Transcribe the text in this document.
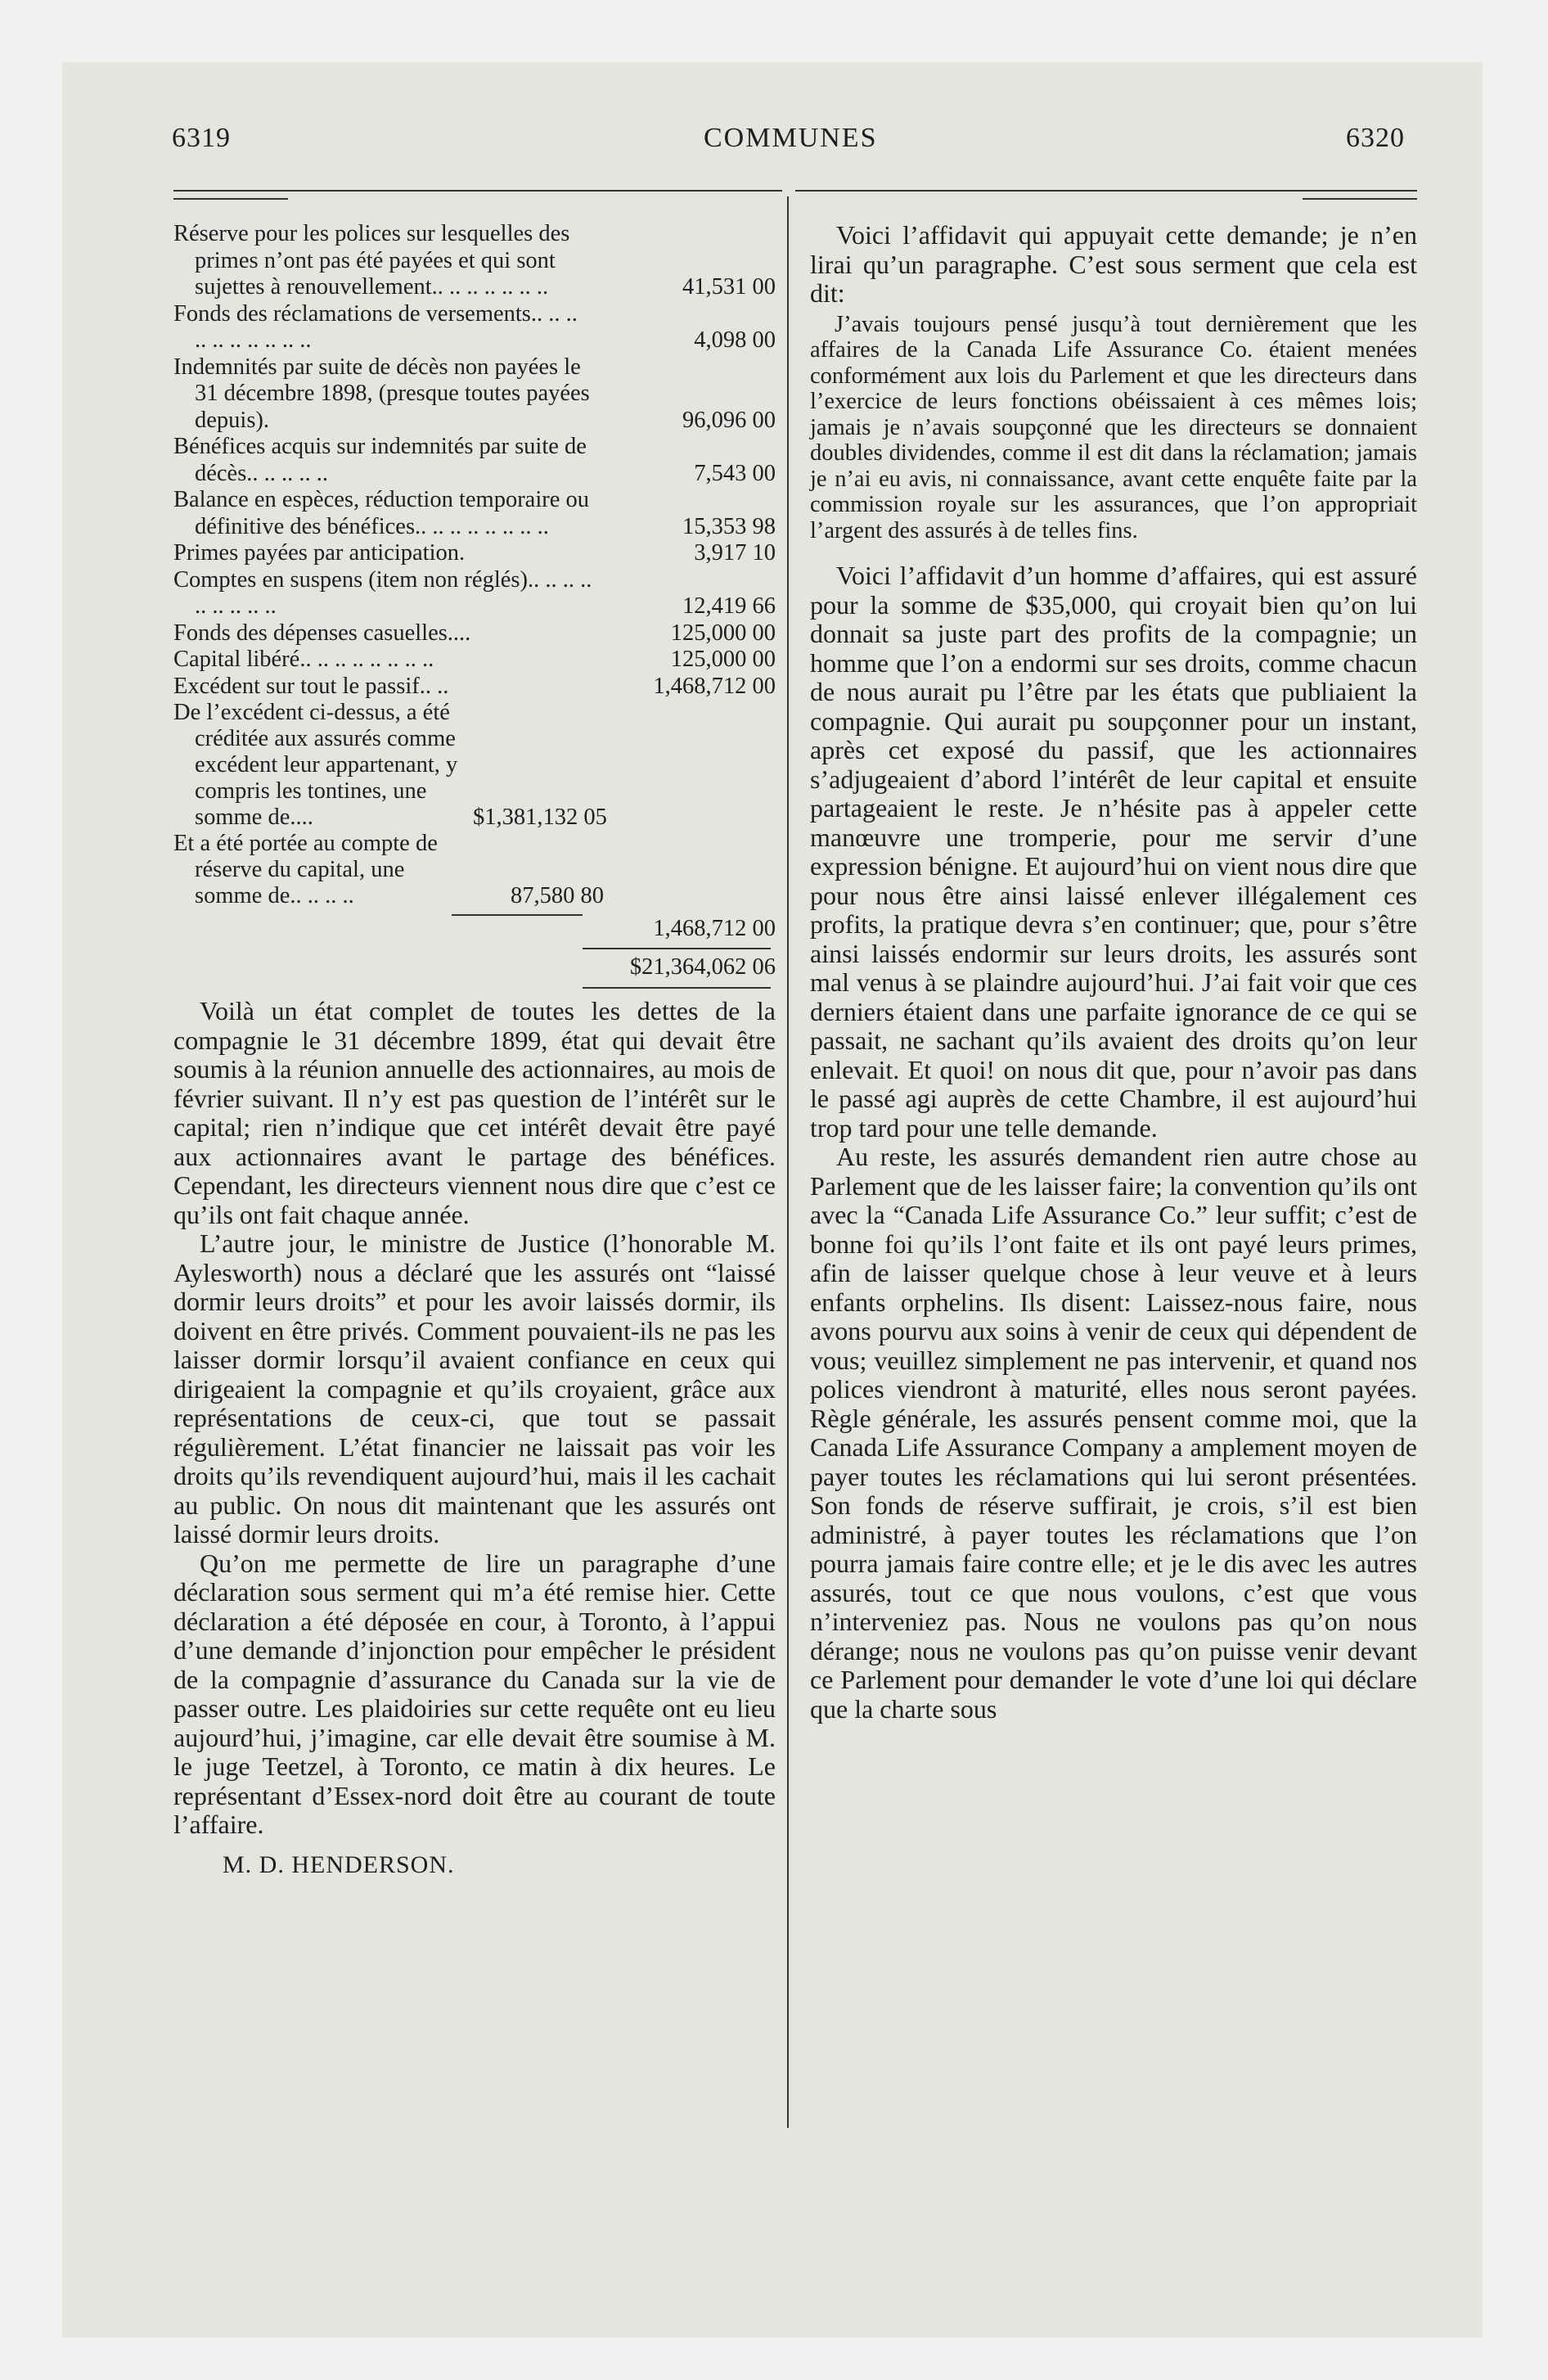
6319	COMMUNES	6320
Réserve pour les polices sur lesquelles des primes n’ont pas été payées et qui sont sujettes à renouvellement.. .. .. .. .. .. ..	41,531 00
Fonds des réclamations de versements.. .. .. .. .. .. .. .. .. ..	4,098 00
Indemnités par suite de décès non payées le 31 décembre 1898, (presque toutes payées depuis).	96,096 00
Bénéfices acquis sur indemnités par suite de décès.. .. .. .. ..	7,543 00
Balance en espèces, réduction temporaire ou définitive des bénéfices.. .. .. .. .. .. .. ..	15,353 98
Primes payées par anticipation.	3,917 10
Comptes en suspens (item non réglés).. .. .. .. .. .. .. .. ..	12,419 66
Fonds des dépenses casuelles....	125,000 00
Capital libéré.. .. .. .. .. .. .. ..	125,000 00
Excédent sur tout le passif.. ..	1,468,712 00
De l’excédent ci-dessus, a été créditée aux assurés comme excédent leur appartenant, y compris les tontines, une somme de....	$1,381,132 05
Et a été portée au compte de réserve du capital, une somme de.. .. .. ..	87,580 80
1,468,712 00
$21,364,062 06

Voilà un état complet de toutes les dettes de la compagnie le 31 décembre 1899, état qui devait être soumis à la réunion annuelle des actionnaires, au mois de février suivant. Il n’y est pas question de l’intérêt sur le capital; rien n’indique que cet intérêt devait être payé aux actionnaires avant le partage des bénéfices. Cependant, les directeurs viennent nous dire que c’est ce qu’ils ont fait chaque année.

L’autre jour, le ministre de Justice (l’honorable M. Aylesworth) nous a déclaré que les assurés ont “laissé dormir leurs droits” et pour les avoir laissés dormir, ils doivent en être privés. Comment pouvaient-ils ne pas les laisser dormir lorsqu’il avaient confiance en ceux qui dirigeaient la compagnie et qu’ils croyaient, grâce aux représentations de ceux-ci, que tout se passait régulièrement. L’état financier ne laissait pas voir les droits qu’ils revendiquent aujourd’hui, mais il les cachait au public. On nous dit maintenant que les assurés ont laissé dormir leurs droits.

Qu’on me permette de lire un paragraphe d’une déclaration sous serment qui m’a été remise hier. Cette déclaration a été déposée en cour, à Toronto, à l’appui d’une demande d’injonction pour empêcher le président de la compagnie d’assurance du Canada sur la vie de passer outre. Les plaidoiries sur cette requête ont eu lieu aujourd’hui, j’imagine, car elle devait être soumise à M. le juge Teetzel, à Toronto, ce matin à dix heures. Le représentant d’Essex-nord doit être au courant de toute l’affaire.

M. D. HENDERSON.

Voici l’affidavit qui appuyait cette demande; je n’en lirai qu’un paragraphe. C’est sous serment que cela est dit:

J’avais toujours pensé jusqu’à tout dernièrement que les affaires de la Canada Life Assurance Co. étaient menées conformément aux lois du Parlement et que les directeurs dans l’exercice de leurs fonctions obéissaient à ces mêmes lois; jamais je n’avais soupçonné que les directeurs se donnaient doubles dividendes, comme il est dit dans la réclamation; jamais je n’ai eu avis, ni connaissance, avant cette enquête faite par la commission royale sur les assurances, que l’on appropriait l’argent des assurés à de telles fins.

Voici l’affidavit d’un homme d’affaires, qui est assuré pour la somme de $35,000, qui croyait bien qu’on lui donnait sa juste part des profits de la compagnie; un homme que l’on a endormi sur ses droits, comme chacun de nous aurait pu l’être par les états que publiaient la compagnie. Qui aurait pu soupçonner pour un instant, après cet exposé du passif, que les actionnaires s’adjugeaient d’abord l’intérêt de leur capital et ensuite partageaient le reste. Je n’hésite pas à appeler cette manœuvre une tromperie, pour me servir d’une expression bénigne. Et aujourd’hui on vient nous dire que pour nous être ainsi laissé enlever illégalement ces profits, la pratique devra s’en continuer; que, pour s’être ainsi laissés endormir sur leurs droits, les assurés sont mal venus à se plaindre aujourd’hui. J’ai fait voir que ces derniers étaient dans une parfaite ignorance de ce qui se passait, ne sachant qu’ils avaient des droits qu’on leur enlevait. Et quoi! on nous dit que, pour n’avoir pas dans le passé agi auprès de cette Chambre, il est aujourd’hui trop tard pour une telle demande.

Au reste, les assurés demandent rien autre chose au Parlement que de les laisser faire; la convention qu’ils ont avec la “Canada Life Assurance Co.” leur suffit; c’est de bonne foi qu’ils l’ont faite et ils ont payé leurs primes, afin de laisser quelque chose à leur veuve et à leurs enfants orphelins. Ils disent: Laissez-nous faire, nous avons pourvu aux soins à venir de ceux qui dépendent de vous; veuillez simplement ne pas intervenir, et quand nos polices viendront à maturité, elles nous seront payées. Règle générale, les assurés pensent comme moi, que la Canada Life Assurance Company a amplement moyen de payer toutes les réclamations qui lui seront présentées. Son fonds de réserve suffirait, je crois, s’il est bien administré, à payer toutes les réclamations que l’on pourra jamais faire contre elle; et je le dis avec les autres assurés, tout ce que nous voulons, c’est que vous n’interveniez pas. Nous ne voulons pas qu’on nous dérange; nous ne voulons pas qu’on puisse venir devant ce Parlement pour demander le vote d’une loi qui déclare que la charte sous
